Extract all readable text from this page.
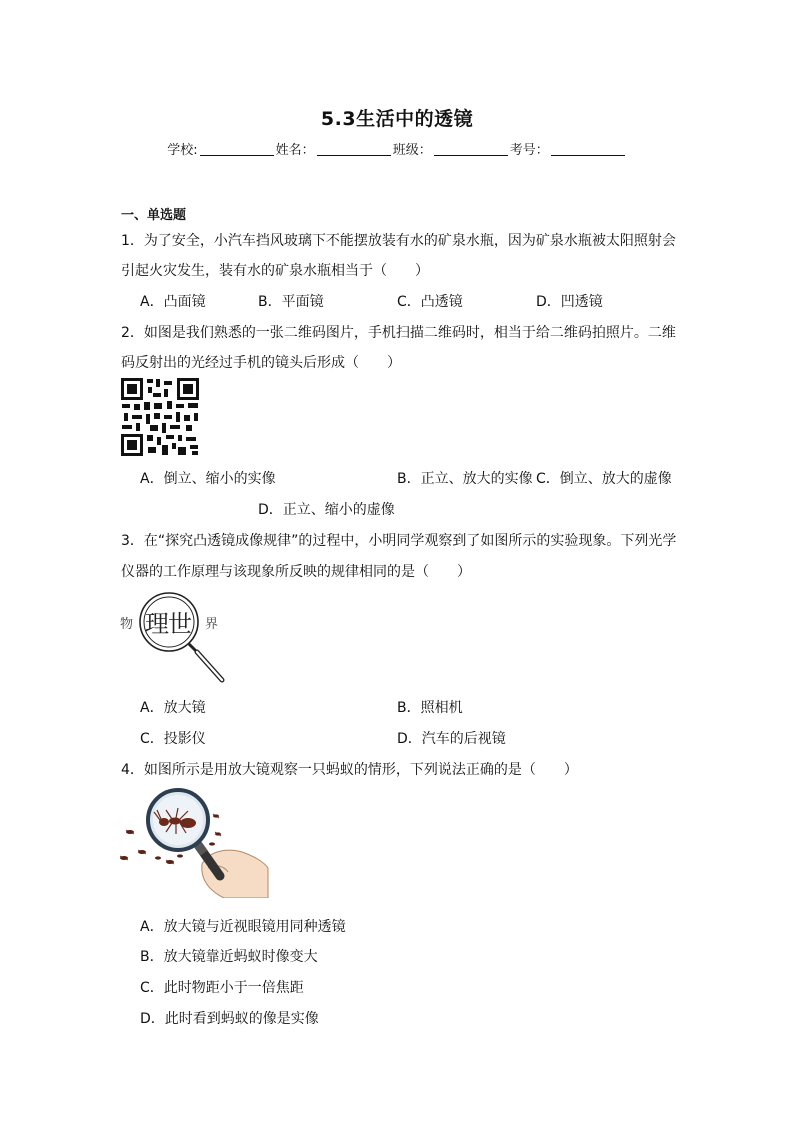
5.3生活中的透镜
学校:	姓名：	班级：	考号：
一、单选题
1．为了安全，小汽车挡风玻璃下不能摆放装有水的矿泉水瓶，因为矿泉水瓶被太阳照射会
引起火灾发生，装有水的矿泉水瓶相当于（　　）
A．凸面镜	B．平面镜	C．凸透镜	D．凹透镜
2．如图是我们熟悉的一张二维码图片，手机扫描二维码时，相当于给二维码拍照片。二维
码反射出的光经过手机的镜头后形成（　　）
A．倒立、缩小的实像	B．正立、放大的实像 C．倒立、放大的虚像
D．正立、缩小的虚像
3．在“探究凸透镜成像规律”的过程中，小明同学观察到了如图所示的实验现象。下列光学
仪器的工作原理与该现象所反映的规律相同的是（　　）
物 理世 界
A．放大镜	B．照相机
C．投影仪	D．汽车的后视镜
4．如图所示是用放大镜观察一只蚂蚁的情形，下列说法正确的是（　　）
A．放大镜与近视眼镜用同种透镜
B．放大镜靠近蚂蚁时像变大
C．此时物距小于一倍焦距
D．此时看到蚂蚁的像是实像
